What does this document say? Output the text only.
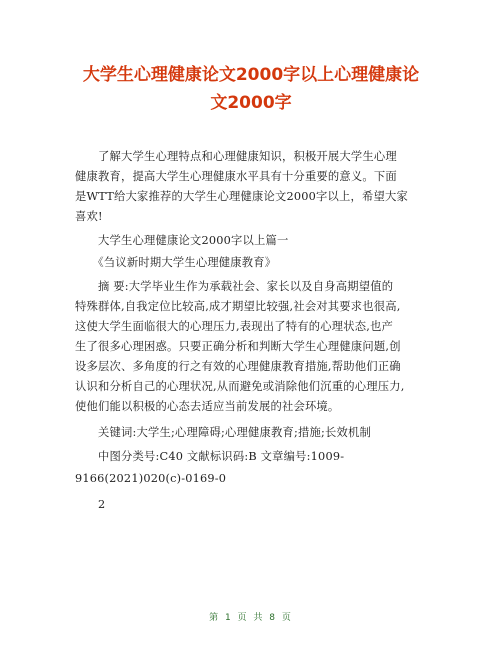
大学生心理健康论文2000字以上心理健康论
文2000字
　　了解大学生心理特点和心理健康知识，积极开展大学生心理
健康教育，提高大学生心理健康水平具有十分重要的意义。下面
是WTT给大家推荐的大学生心理健康论文2000字以上，希望大家
喜欢!
　　大学生心理健康论文2000字以上篇一
　　《刍议新时期大学生心理健康教育》
　　摘 要:大学毕业生作为承载社会、家长以及自身高期望值的
特殊群体,自我定位比较高,成才期望比较强,社会对其要求也很高,
这使大学生面临很大的心理压力,表现出了特有的心理状态,也产
生了很多心理困惑。只要正确分析和判断大学生心理健康问题,创
设多层次、多角度的行之有效的心理健康教育措施,帮助他们正确
认识和分析自己的心理状况,从而避免或消除他们沉重的心理压力,
使他们能以积极的心态去适应当前发展的社会环境。
　　关键词:大学生;心理障碍;心理健康教育;措施;长效机制
　　中图分类号:C40 文献标识码:B 文章编号:1009-
9166(2021)020(c)-0169-0
　　2
第 1 页 共 8 页
